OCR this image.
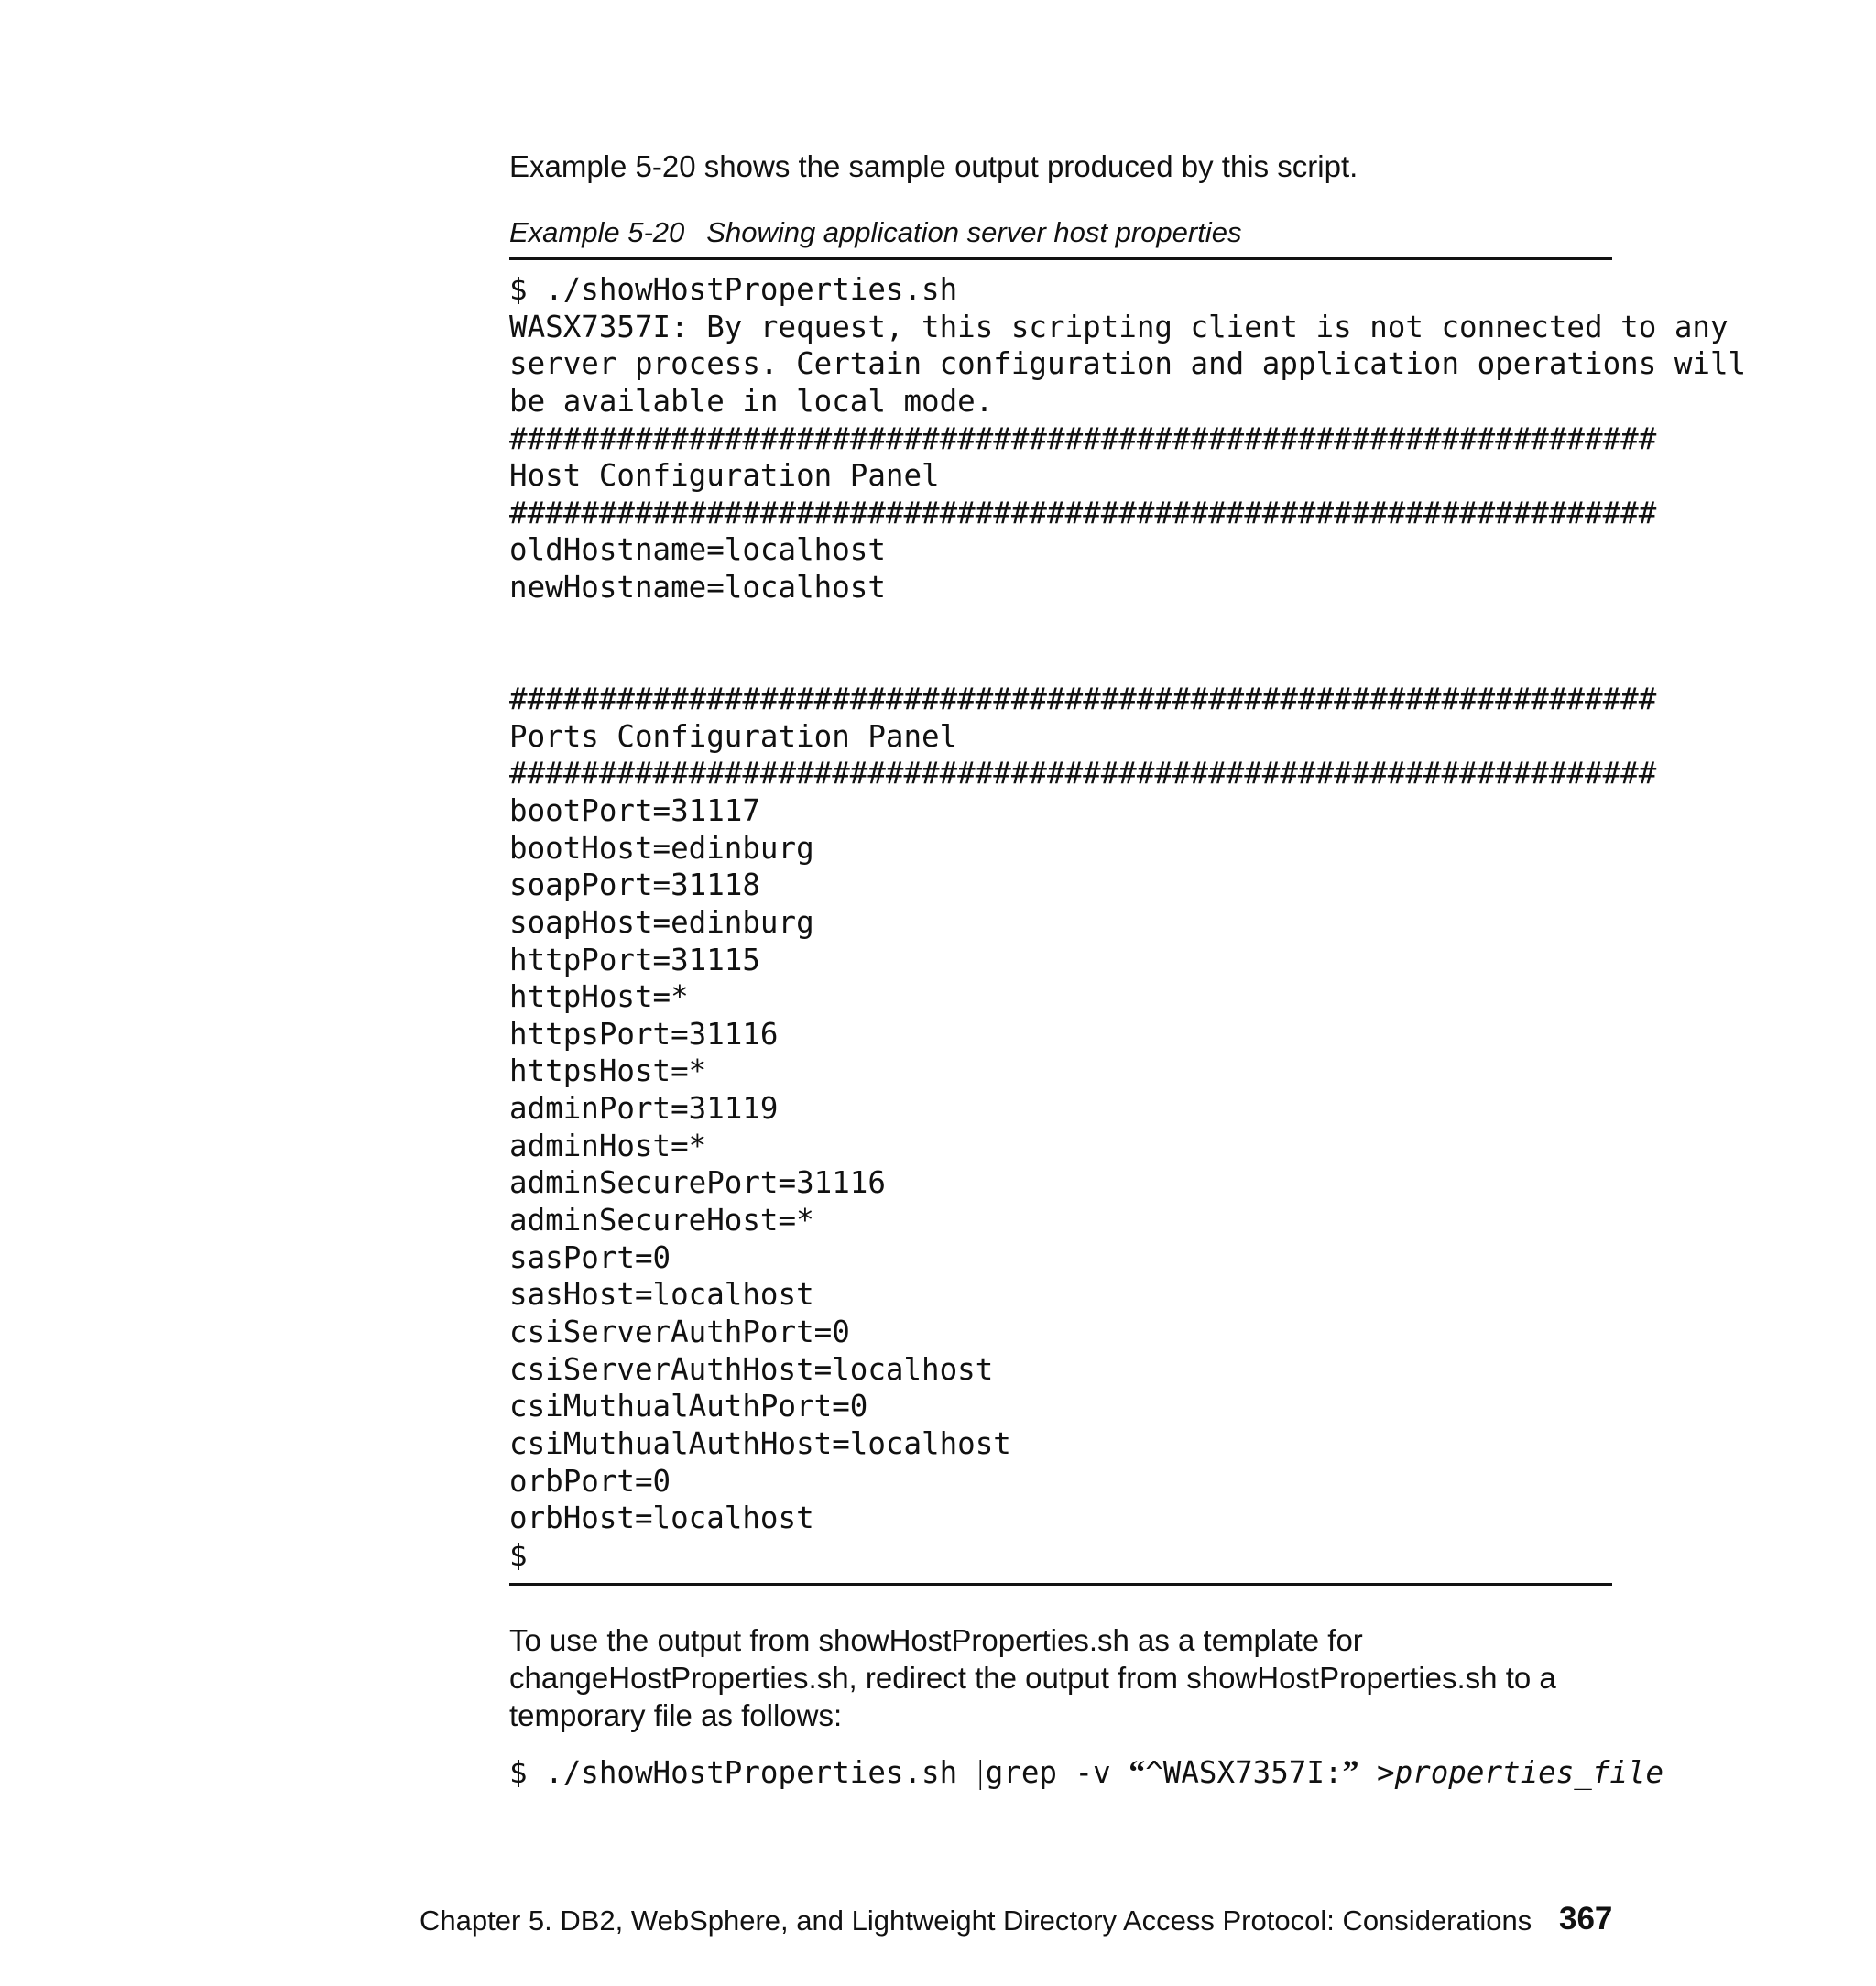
Example 5-20 shows the sample output produced by this script.

Example 5-20 Showing application server host properties

$ ./showHostProperties.sh
WASX7357I: By request, this scripting client is not connected to any
server process. Certain configuration and application operations will
be available in local mode.
################################################################
Host Configuration Panel
################################################################
oldHostname=localhost
newHostname=localhost
################################################################
Ports Configuration Panel
################################################################
bootPort=31117
bootHost=edinburg
soapPort=31118
soapHost=edinburg
httpPort=31115
httpHost=*
httpsPort=31116
httpsHost=*
adminPort=31119
adminHost=*
adminSecurePort=31116
adminSecureHost=*
sasPort=0
sasHost=localhost
csiServerAuthPort=0
csiServerAuthHost=localhost
csiMuthualAuthPort=0
csiMuthualAuthHost=localhost
orbPort=0
orbHost=localhost
$

To use the output from showHostProperties.sh as a template for changeHostProperties.sh, redirect the output from showHostProperties.sh to a temporary file as follows:

$ ./showHostProperties.sh |grep -v “^WASX7357I:” >properties_file

Chapter 5. DB2, WebSphere, and Lightweight Directory Access Protocol: Considerations 367
